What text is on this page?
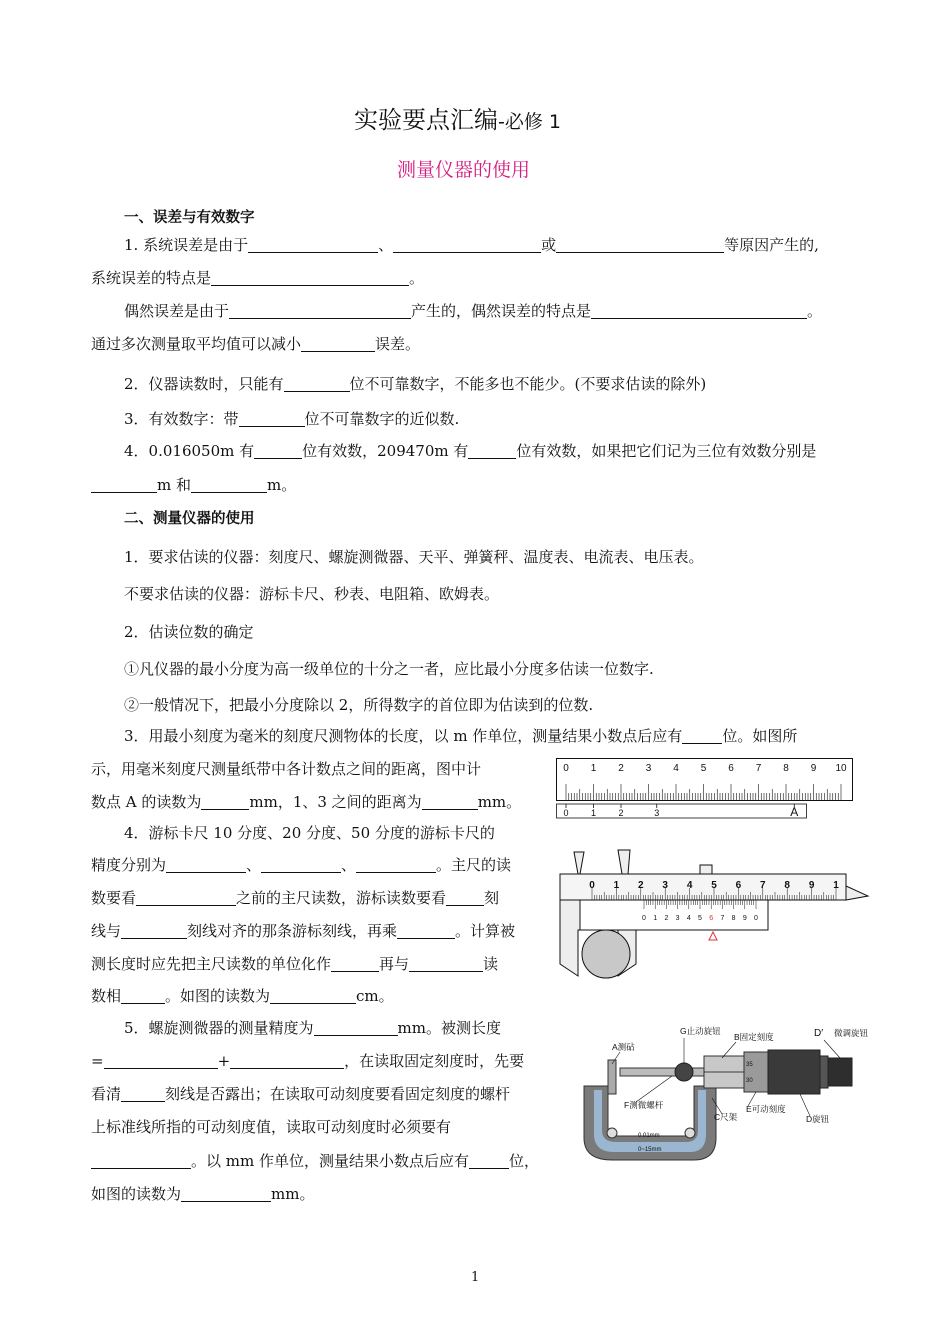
实验要点汇编-必修 1
测量仪器的使用
一、误差与有效数字
1. 系统误差是由于	、	或	等原因产生的,
系统误差的特点是	。
偶然误差是由于	产生的，偶然误差的特点是	。
通过多次测量取平均值可以减小	误差。
2．仪器读数时，只能有	位不可靠数字，不能多也不能少。(不要求估读的除外)
3．有效数字：带	位不可靠数字的近似数.
4．0.016050m 有	位有效数，209470m 有	位有效数，如果把它们记为三位有效数分别是
m 和	m。
二、测量仪器的使用
1．要求估读的仪器：刻度尺、螺旋测微器、天平、弹簧秤、温度表、电流表、电压表。
不要求估读的仪器：游标卡尺、秒表、电阻箱、欧姆表。
2．估读位数的确定
①凡仪器的最小分度为高一级单位的十分之一者，应比最小分度多估读一位数字.
②一般情况下，把最小分度除以 2，所得数字的首位即为估读到的位数.
3．用最小刻度为毫米的刻度尺测物体的长度，以 m 作单位，测量结果小数点后应有	位。如图所
示，用毫米刻度尺测量纸带中各计数点之间的距离，图中计
数点 A 的读数为	mm，1、3 之间的距离为	mm。
4．游标卡尺 10 分度、20 分度、50 分度的游标卡尺的
精度分别为	、	、	。主尺的读
数要看	之前的主尺读数，游标读数要看	刻
线与	刻线对齐的那条游标刻线，再乘	。计算被
测长度时应先把主尺读数的单位化作	再与	读
数相	。如图的读数为	cm。
5．螺旋测微器的测量精度为	mm。被测长度
=	+	，在读取固定刻度时，先要
看清	刻线是否露出；在读取可动刻度要看固定刻度的螺杆
上标准线所指的可动刻度值，读取可动刻度时必须要有
。以 mm 作单位，测量结果小数点后应有	位，
如图的读数为	mm。
0 1 2 3 4 5 6 7 8 9 10
0 1 2	3	A
0 1 2 3 4 5 6 7 8 9 1
0 1 2 3 4 5 6 7 8 9 0
0.01mm
0~15mm
35
30
A测砧
G止动旋钮
B固定刻度	D′ 微调旋钮
F测微螺杆	E可动刻度
C尺架	D旋钮
1
